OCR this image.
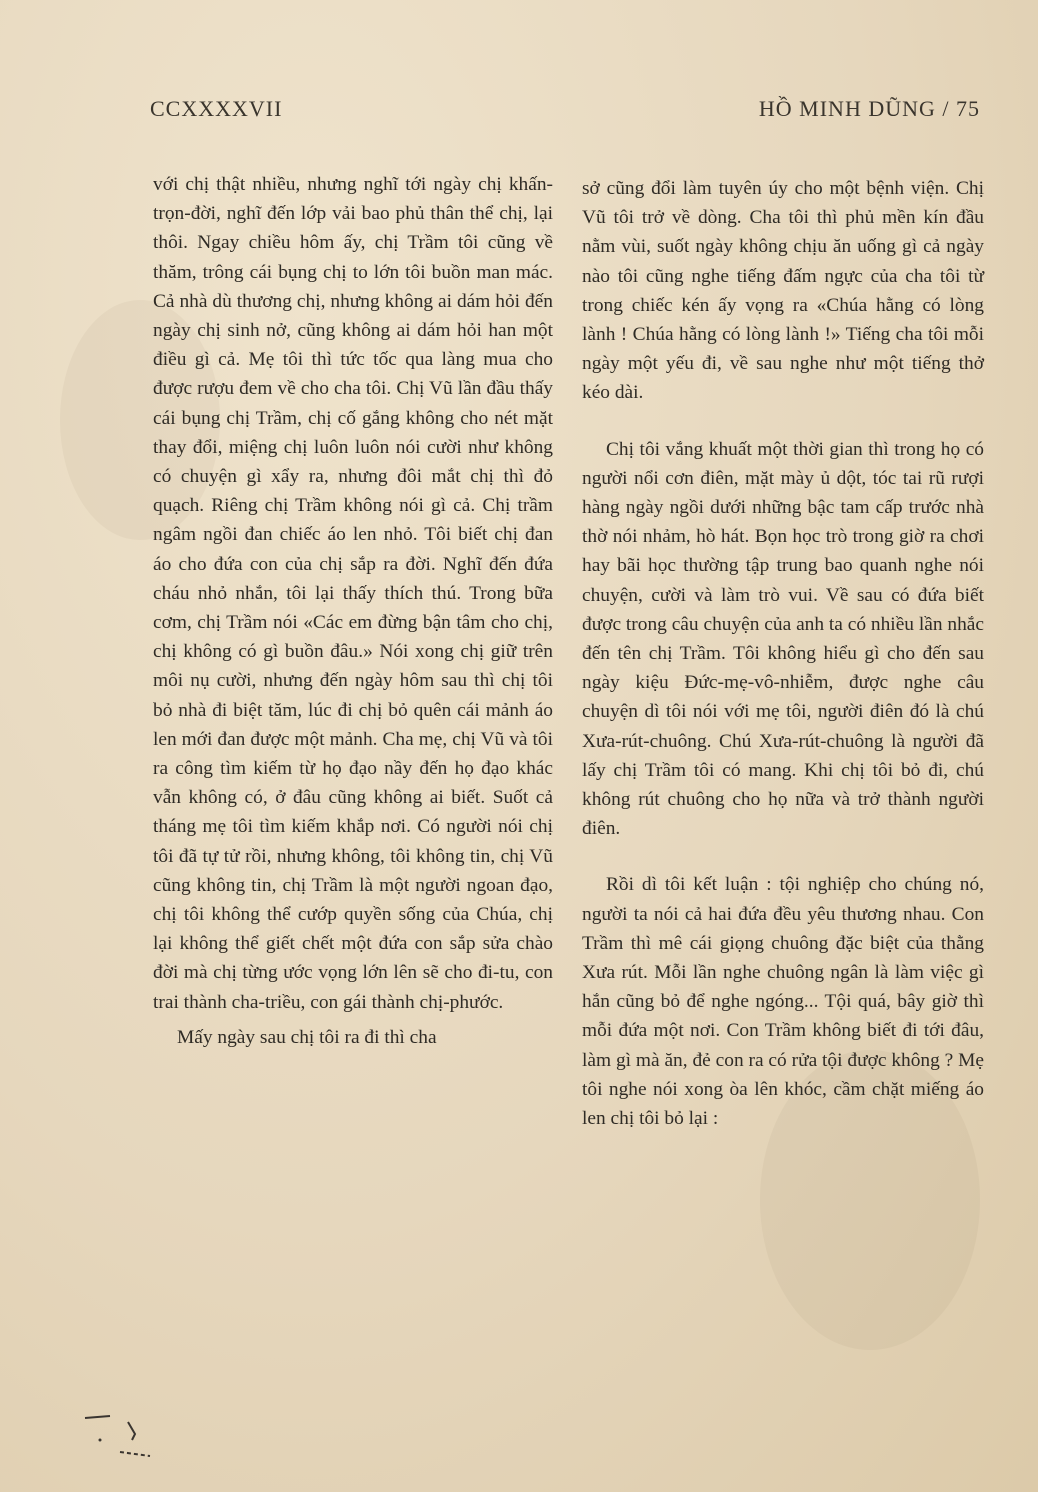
CCXXXXVII	HỒ MINH DŨNG / 75

với chị thật nhiều, nhưng nghĩ tới ngày chị khấn-trọn-đời, nghĩ đến lớp vải bao phủ thân thể chị, lại thôi. Ngay chiều hôm ấy, chị Trầm tôi cũng về thăm, trông cái bụng chị to lớn tôi buồn man mác. Cả nhà dù thương chị, nhưng không ai dám hỏi đến ngày chị sinh nở, cũng không ai dám hỏi han một điều gì cả. Mẹ tôi thì tức tốc qua làng mua cho được rượu đem về cho cha tôi. Chị Vũ lần đầu thấy cái bụng chị Trầm, chị cố gắng không cho nét mặt thay đổi, miệng chị luôn luôn nói cười như không có chuyện gì xẩy ra, nhưng đôi mắt chị thì đỏ quạch. Riêng chị Trầm không nói gì cả. Chị trầm ngâm ngồi đan chiếc áo len nhỏ. Tôi biết chị đan áo cho đứa con của chị sắp ra đời. Nghĩ đến đứa cháu nhỏ nhắn, tôi lại thấy thích thú. Trong bữa cơm, chị Trầm nói «Các em đừng bận tâm cho chị, chị không có gì buồn đâu.» Nói xong chị giữ trên môi nụ cười, nhưng đến ngày hôm sau thì chị tôi bỏ nhà đi biệt tăm, lúc đi chị bỏ quên cái mảnh áo len mới đan được một mảnh. Cha mẹ, chị Vũ và tôi ra công tìm kiếm từ họ đạo nầy đến họ đạo khác vẫn không có, ở đâu cũng không ai biết. Suốt cả tháng mẹ tôi tìm kiếm khắp nơi. Có người nói chị tôi đã tự tử rồi, nhưng không, tôi không tin, chị Vũ cũng không tin, chị Trầm là một người ngoan đạo, chị tôi không thể cướp quyền sống của Chúa, chị lại không thể giết chết một đứa con sắp sửa chào đời mà chị từng ước vọng lớn lên sẽ cho đi-tu, con trai thành cha-triều, con gái thành chị-phước.

Mấy ngày sau chị tôi ra đi thì cha

sở cũng đổi làm tuyên úy cho một bệnh viện. Chị Vũ tôi trở về dòng. Cha tôi thì phủ mền kín đầu nằm vùi, suốt ngày không chịu ăn uống gì cả ngày nào tôi cũng nghe tiếng đấm ngực của cha tôi từ trong chiếc kén ấy vọng ra «Chúa hằng có lòng lành ! Chúa hằng có lòng lành !» Tiếng cha tôi mỗi ngày một yếu đi, về sau nghe như một tiếng thở kéo dài.

Chị tôi vắng khuất một thời gian thì trong họ có người nổi cơn điên, mặt mày ủ dột, tóc tai rũ rượi hàng ngày ngồi dưới những bậc tam cấp trước nhà thờ nói nhảm, hò hát. Bọn học trò trong giờ ra chơi hay bãi học thường tập trung bao quanh nghe nói chuyện, cười và làm trò vui. Về sau có đứa biết được trong câu chuyện của anh ta có nhiều lần nhắc đến tên chị Trầm. Tôi không hiểu gì cho đến sau ngày kiệu Đức-mẹ-vô-nhiễm, được nghe câu chuyện dì tôi nói với mẹ tôi, người điên đó là chú Xưa-rút-chuông. Chú Xưa-rút-chuông là người đã lấy chị Trầm tôi có mang. Khi chị tôi bỏ đi, chú không rút chuông cho họ nữa và trở thành người điên.

Rồi dì tôi kết luận : tội nghiệp cho chúng nó, người ta nói cả hai đứa đều yêu thương nhau. Con Trầm thì mê cái giọng chuông đặc biệt của thằng Xưa rút. Mỗi lần nghe chuông ngân là làm việc gì hắn cũng bỏ để nghe ngóng... Tội quá, bây giờ thì mỗi đứa một nơi. Con Trầm không biết đi tới đâu, làm gì mà ăn, đẻ con ra có rửa tội được không ? Mẹ tôi nghe nói xong òa lên khóc, cầm chặt miếng áo len chị tôi bỏ lại :
